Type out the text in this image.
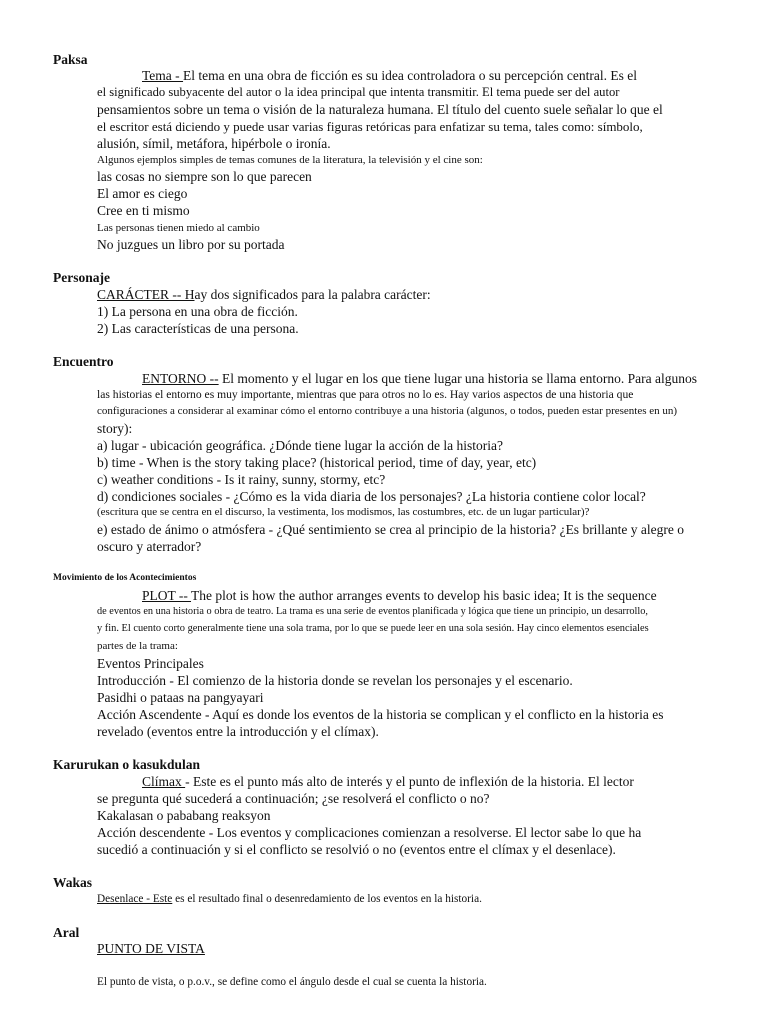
Paksa
Tema - El tema en una obra de ficción es su idea controladora o su percepción central. Es el
el significado subyacente del autor o la idea principal que intenta transmitir. El tema puede ser del autor
pensamientos sobre un tema o visión de la naturaleza humana. El título del cuento suele señalar lo que el
el escritor está diciendo y puede usar varias figuras retóricas para enfatizar su tema, tales como: símbolo,
alusión, símil, metáfora, hipérbole o ironía.
Algunos ejemplos simples de temas comunes de la literatura, la televisión y el cine son:
las cosas no siempre son lo que parecen
El amor es ciego
Cree en ti mismo
Las personas tienen miedo al cambio
No juzgues un libro por su portada
Personaje
CARÁCTER -- Hay dos significados para la palabra carácter:
1) La persona en una obra de ficción.
2) Las características de una persona.
Encuentro
ENTORNO -- El momento y el lugar en los que tiene lugar una historia se llama entorno. Para algunos
las historias el entorno es muy importante, mientras que para otros no lo es. Hay varios aspectos de una historia que
configuraciones a considerar al examinar cómo el entorno contribuye a una historia (algunos, o todos, pueden estar presentes en un)
story):
a) lugar - ubicación geográfica. ¿Dónde tiene lugar la acción de la historia?
b) time - When is the story taking place? (historical period, time of day, year, etc)
c) weather conditions - Is it rainy, sunny, stormy, etc?
d) condiciones sociales - ¿Cómo es la vida diaria de los personajes? ¿La historia contiene color local?
(escritura que se centra en el discurso, la vestimenta, los modismos, las costumbres, etc. de un lugar particular)?
e) estado de ánimo o atmósfera - ¿Qué sentimiento se crea al principio de la historia? ¿Es brillante y alegre o
oscuro y aterrador?
Movimiento de los Acontecimientos
PLOT -- The plot is how the author arranges events to develop his basic idea; It is the sequence
de eventos en una historia o obra de teatro. La trama es una serie de eventos planificada y lógica que tiene un principio, un desarrollo,
y fin. El cuento corto generalmente tiene una sola trama, por lo que se puede leer en una sola sesión. Hay cinco elementos esenciales
partes de la trama:
Eventos Principales
Introducción - El comienzo de la historia donde se revelan los personajes y el escenario.
Pasidhi o pataas na pangyayari
Acción Ascendente - Aquí es donde los eventos de la historia se complican y el conflicto en la historia es
revelado (eventos entre la introducción y el clímax).
Karurukan o kasukdulan
Clímax - Este es el punto más alto de interés y el punto de inflexión de la historia. El lector
se pregunta qué sucederá a continuación; ¿se resolverá el conflicto o no?
Kakalasan o pababang reaksyon
Acción descendente - Los eventos y complicaciones comienzan a resolverse. El lector sabe lo que ha
sucedió a continuación y si el conflicto se resolvió o no (eventos entre el clímax y el desenlace).
Wakas
Desenlace - Este es el resultado final o desenredamiento de los eventos en la historia.
Aral
PUNTO DE VISTA
El punto de vista, o p.o.v., se define como el ángulo desde el cual se cuenta la historia.
